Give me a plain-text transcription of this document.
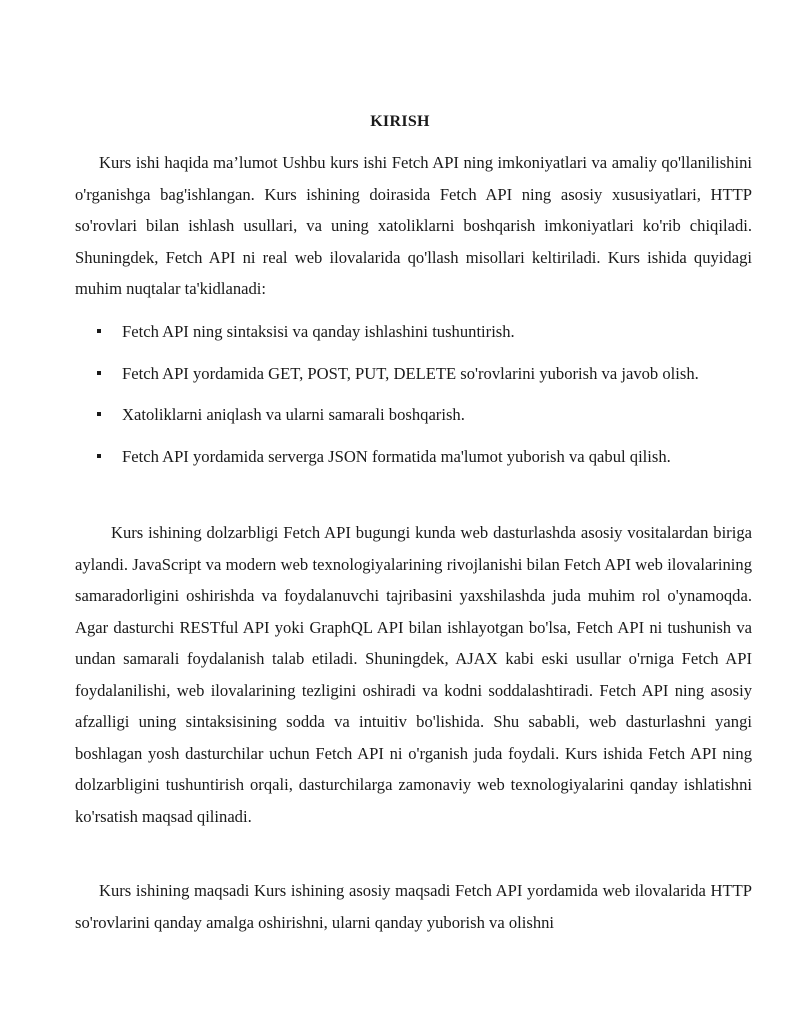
KIRISH

Kurs ishi haqida ma’lumot Ushbu kurs ishi Fetch API ning imkoniyatlari va amaliy qo'llanilishini o'rganishga bag'ishlangan. Kurs ishining doirasida Fetch API ning asosiy xususiyatlari, HTTP so'rovlari bilan ishlash usullari, va uning xatoliklarni boshqarish imkoniyatlari ko'rib chiqiladi. Shuningdek, Fetch API ni real web ilovalarida qo'llash misollari keltiriladi. Kurs ishida quyidagi muhim nuqtalar ta'kidlanadi:

Fetch API ning sintaksisi va qanday ishlashini tushuntirish.
Fetch API yordamida GET, POST, PUT, DELETE so'rovlarini yuborish va javob olish.
Xatoliklarni aniqlash va ularni samarali boshqarish.
Fetch API yordamida serverga JSON formatida ma'lumot yuborish va qabul qilish.

Kurs ishining dolzarbligi Fetch API bugungi kunda web dasturlashda asosiy vositalardan biriga aylandi. JavaScript va modern web texnologiyalarining rivojlanishi bilan Fetch API web ilovalarining samaradorligini oshirishda va foydalanuvchi tajribasini yaxshilashda juda muhim rol o'ynamoqda. Agar dasturchi RESTful API yoki GraphQL API bilan ishlayotgan bo'lsa, Fetch API ni tushunish va undan samarali foydalanish talab etiladi. Shuningdek, AJAX kabi eski usullar o'rniga Fetch API foydalanilishi, web ilovalarining tezligini oshiradi va kodni soddalashtiradi. Fetch API ning asosiy afzalligi uning sintaksisining sodda va intuitiv bo'lishida. Shu sababli, web dasturlashni yangi boshlagan yosh dasturchilar uchun Fetch API ni o'rganish juda foydali. Kurs ishida Fetch API ning dolzarbligini tushuntirish orqali, dasturchilarga zamonaviy web texnologiyalarini qanday ishlatishni ko'rsatish maqsad qilinadi.

Kurs ishining maqsadi Kurs ishining asosiy maqsadi Fetch API yordamida web ilovalarida HTTP so'rovlarini qanday amalga oshirishni, ularni qanday yuborish va olishni
